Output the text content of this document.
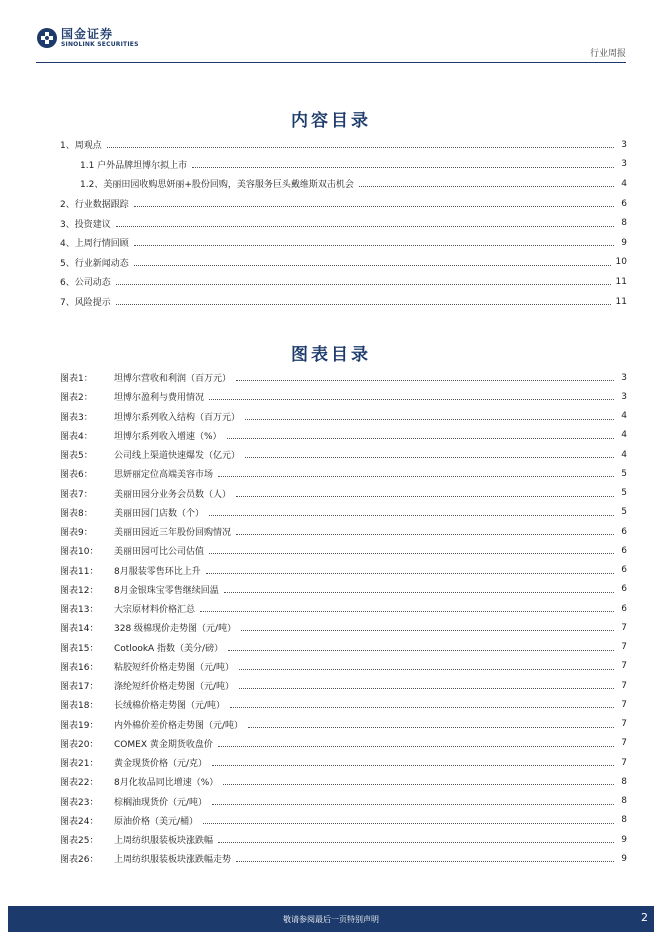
国金证券
SINOLINK SECURITIES
行业周报
内容目录
1、周观点	3
1.1 户外品牌坦博尔拟上市	3
1.2、美丽田园收购思妍丽+股份回购，美容服务巨头戴维斯双击机会	4
2、行业数据跟踪	6
3、投资建议	8
4、上周行情回顾	9
5、行业新闻动态	10
6、公司动态	11
7、风险提示	11
图表目录
图表1：	坦博尔营收和利润（百万元）	3
图表2：	坦博尔盈利与费用情况	3
图表3：	坦博尔系列收入结构（百万元）	4
图表4：	坦博尔系列收入增速（%）	4
图表5：	公司线上渠道快速爆发（亿元）	4
图表6：	思妍丽定位高端美容市场	5
图表7：	美丽田园分业务会员数（人）	5
图表8：	美丽田园门店数（个）	5
图表9：	美丽田园近三年股份回购情况	6
图表10：	美丽田园可比公司估值	6
图表11：	8月服装零售环比上升	6
图表12：	8月金银珠宝零售继续回温	6
图表13：	大宗原材料价格汇总	6
图表14：	328 级棉现价走势图（元/吨）	7
图表15：	CotlookA 指数（美分/磅）	7
图表16：	粘胶短纤价格走势图（元/吨）	7
图表17：	涤纶短纤价格走势图（元/吨）	7
图表18：	长绒棉价格走势图（元/吨）	7
图表19：	内外棉价差价格走势图（元/吨）	7
图表20：	COMEX 黄金期货收盘价	7
图表21：	黄金现货价格（元/克）	7
图表22：	8月化妆品同比增速（%）	8
图表23：	棕榈油现货价（元/吨）	8
图表24：	原油价格（美元/桶）	8
图表25：	上周纺织服装板块涨跌幅	9
图表26：	上周纺织服装板块涨跌幅走势	9
敬请参阅最后一页特别声明	2
